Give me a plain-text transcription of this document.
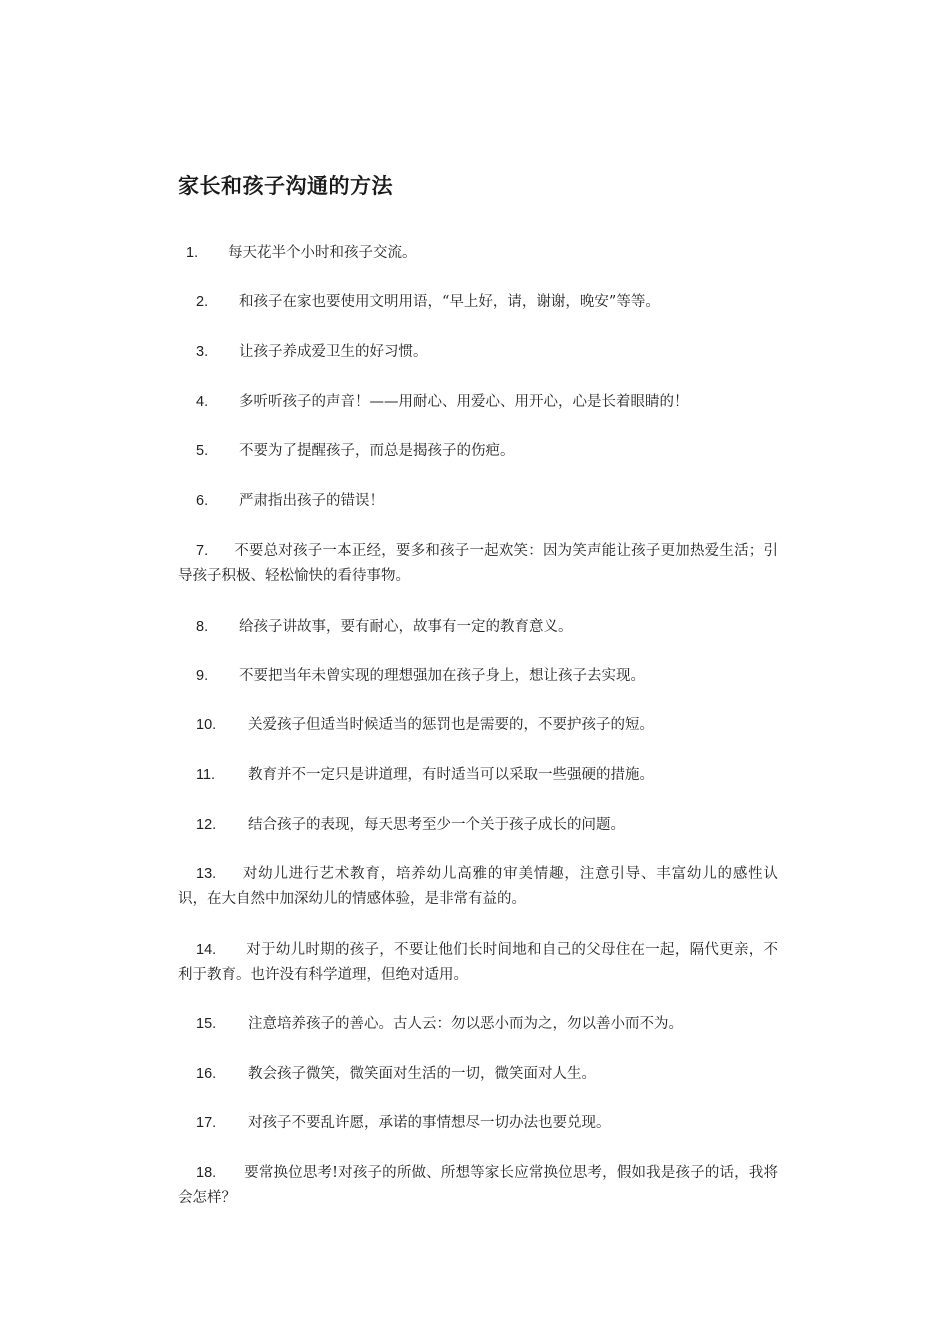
家长和孩子沟通的方法
1. 每天花半个小时和孩子交流。
2. 和孩子在家也要使用文明用语，“早上好，请，谢谢，晚安”等等。
3. 让孩子养成爱卫生的好习惯。
4. 多听听孩子的声音！——用耐心、用爱心、用开心，心是长着眼睛的！
5. 不要为了提醒孩子，而总是揭孩子的伤疤。
6. 严肃指出孩子的错误！
7. 不要总对孩子一本正经，要多和孩子一起欢笑：因为笑声能让孩子更加热爱生活；引导孩子积极、轻松愉快的看待事物。
8. 给孩子讲故事，要有耐心，故事有一定的教育意义。
9. 不要把当年未曾实现的理想强加在孩子身上，想让孩子去实现。
10. 关爱孩子但适当时候适当的惩罚也是需要的，不要护孩子的短。
11. 教育并不一定只是讲道理，有时适当可以采取一些强硬的措施。
12. 结合孩子的表现，每天思考至少一个关于孩子成长的问题。
13. 对幼儿进行艺术教育，培养幼儿高雅的审美情趣，注意引导、丰富幼儿的感性认识，在大自然中加深幼儿的情感体验，是非常有益的。
14. 对于幼儿时期的孩子，不要让他们长时间地和自己的父母住在一起，隔代更亲，不利于教育。也许没有科学道理，但绝对适用。
15. 注意培养孩子的善心。古人云：勿以恶小而为之，勿以善小而不为。
16. 教会孩子微笑，微笑面对生活的一切，微笑面对人生。
17. 对孩子不要乱许愿，承诺的事情想尽一切办法也要兑现。
18. 要常换位思考!对孩子的所做、所想等家长应常换位思考，假如我是孩子的话，我将会怎样？
